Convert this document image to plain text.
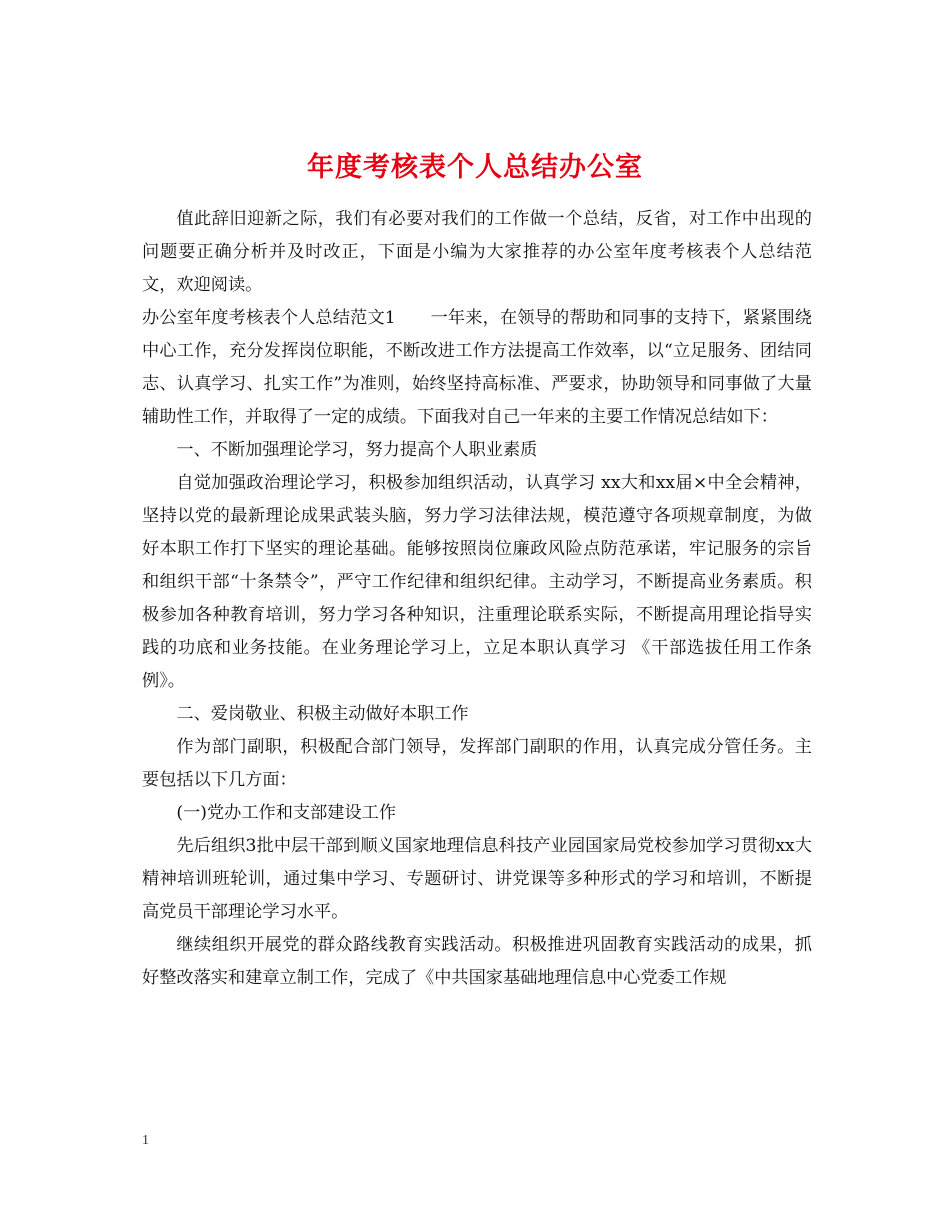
年度考核表个人总结办公室

值此辞旧迎新之际，我们有必要对我们的工作做一个总结，反省，对工作中出现的问题要正确分析并及时改正，下面是小编为大家推荐的办公室年度考核表个人总结范文，欢迎阅读。

办公室年度考核表个人总结范文1　　一年来，在领导的帮助和同事的支持下，紧紧围绕中心工作，充分发挥岗位职能，不断改进工作方法提高工作效率，以“立足服务、团结同志、认真学习、扎实工作”为准则，始终坚持高标准、严要求，协助领导和同事做了大量辅助性工作，并取得了一定的成绩。下面我对自己一年来的主要工作情况总结如下：

一、不断加强理论学习，努力提高个人职业素质

自觉加强政治理论学习，积极参加组织活动，认真学习 xx大和xx届×中全会精神，坚持以党的最新理论成果武装头脑，努力学习法律法规，模范遵守各项规章制度，为做好本职工作打下坚实的理论基础。能够按照岗位廉政风险点防范承诺，牢记服务的宗旨和组织干部“十条禁令”，严守工作纪律和组织纪律。主动学习，不断提高业务素质。积极参加各种教育培训，努力学习各种知识，注重理论联系实际，不断提高用理论指导实践的功底和业务技能。在业务理论学习上，立足本职认真学习 《干部选拔任用工作条例》。

二、爱岗敬业、积极主动做好本职工作

作为部门副职，积极配合部门领导，发挥部门副职的作用，认真完成分管任务。主要包括以下几方面：

(一)党办工作和支部建设工作

先后组织3批中层干部到顺义国家地理信息科技产业园国家局党校参加学习贯彻xx大精神培训班轮训，通过集中学习、专题研讨、讲党课等多种形式的学习和培训，不断提高党员干部理论学习水平。

继续组织开展党的群众路线教育实践活动。积极推进巩固教育实践活动的成果，抓好整改落实和建章立制工作，完成了《中共国家基础地理信息中心党委工作规

1
